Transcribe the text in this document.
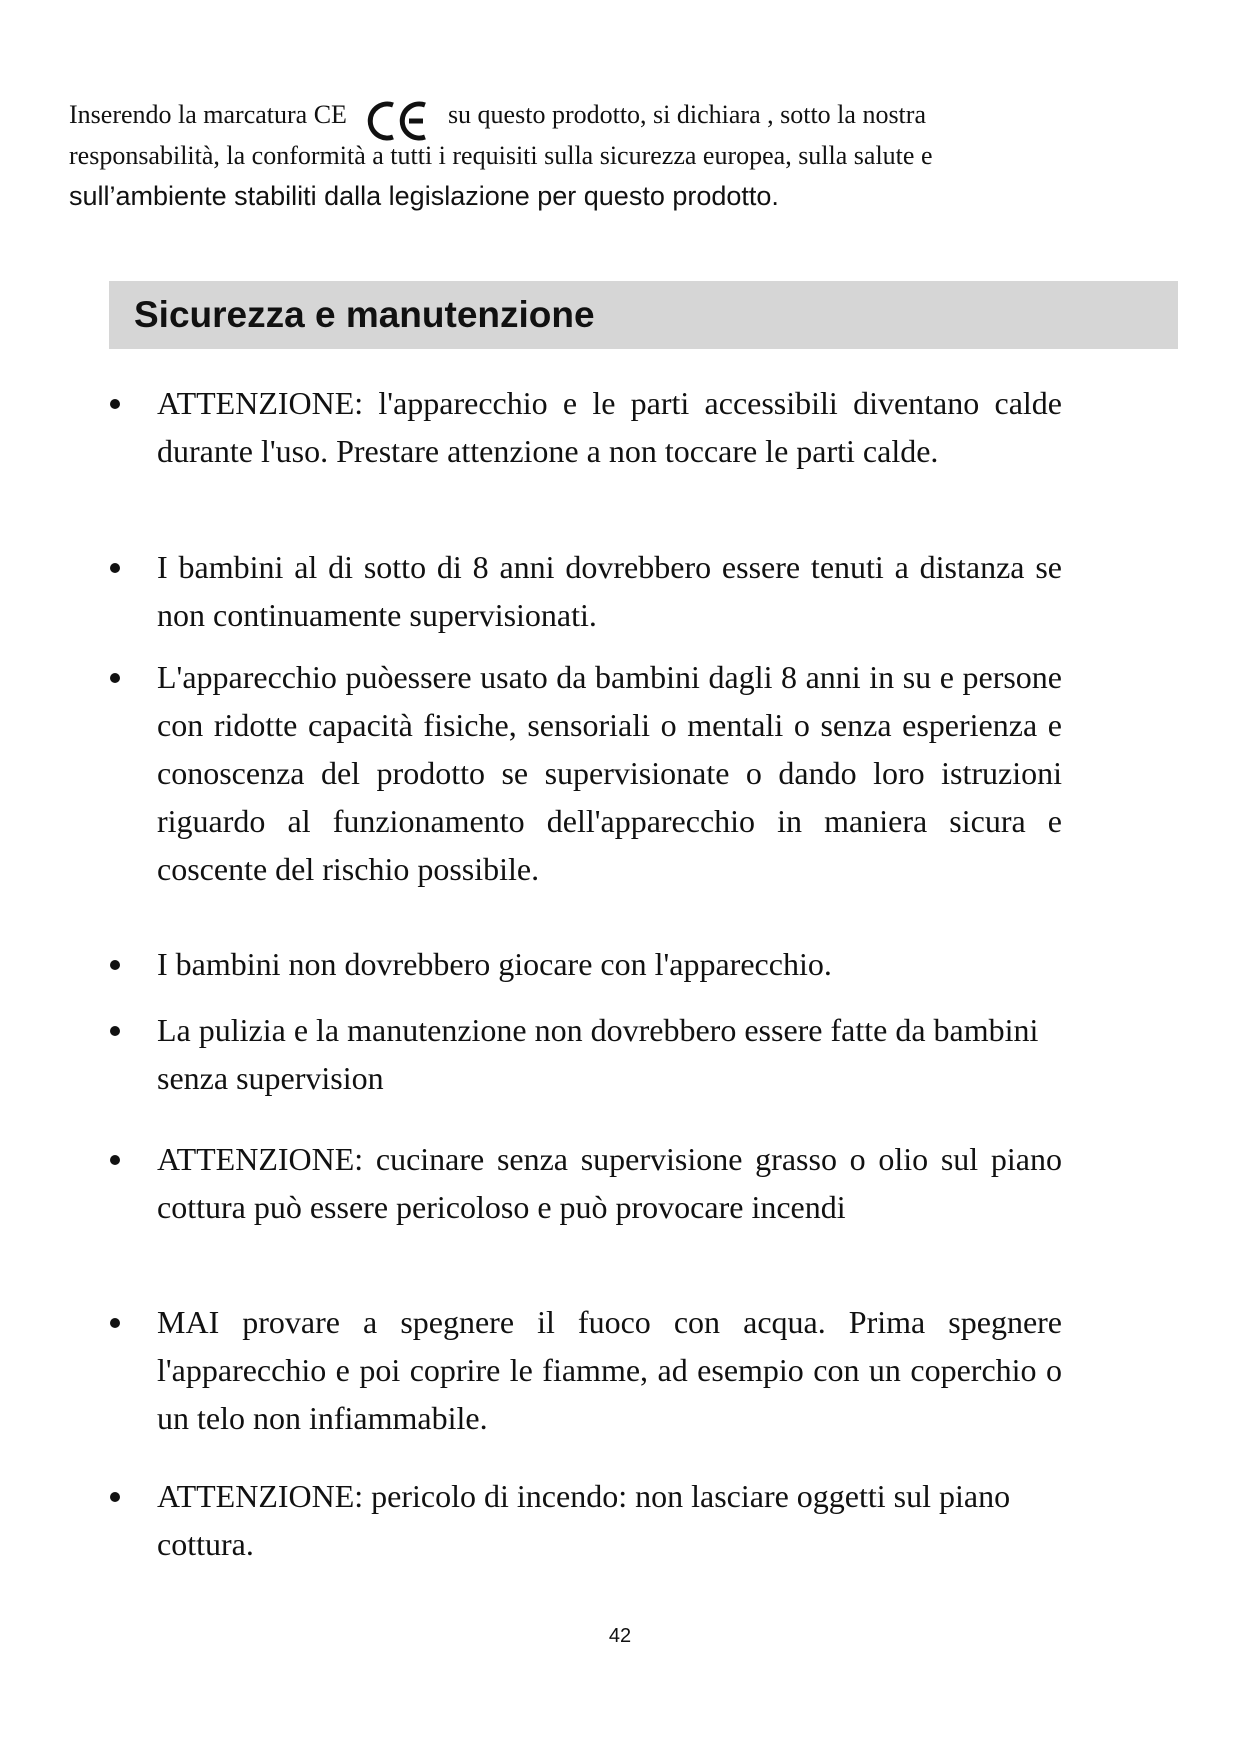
Inserendo la marcatura CE	su questo prodotto, si dichiara , sotto la nostra
responsabilità, la conformità a tutti i requisiti sulla sicurezza europea, sulla salute e
sull’ambiente stabiliti dalla legislazione per questo prodotto.
Sicurezza e manutenzione
ATTENZIONE: l'apparecchio e le parti accessibili diventano calde durante l'uso. Prestare attenzione a non toccare le parti calde.
I bambini al di sotto di 8 anni dovrebbero essere tenuti a distanza se non continuamente supervisionati.
L'apparecchio puòessere usato da bambini dagli 8 anni in su e persone con ridotte capacità fisiche, sensoriali o mentali o senza esperienza e conoscenza del prodotto se supervisionate o dando loro istruzioni riguardo al funzionamento dell'apparecchio in maniera sicura e coscente del rischio possibile.
I bambini non dovrebbero giocare con l'apparecchio.
La pulizia e la manutenzione non dovrebbero essere fatte da bambini senza supervision
ATTENZIONE: cucinare senza supervisione grasso o olio sul piano cottura può essere pericoloso e può provocare incendi
MAI provare a spegnere il fuoco con acqua. Prima spegnere l'apparecchio e poi coprire le fiamme, ad esempio con un coperchio o un telo non infiammabile.
ATTENZIONE: pericolo di incendo: non lasciare oggetti sul piano cottura.
42
